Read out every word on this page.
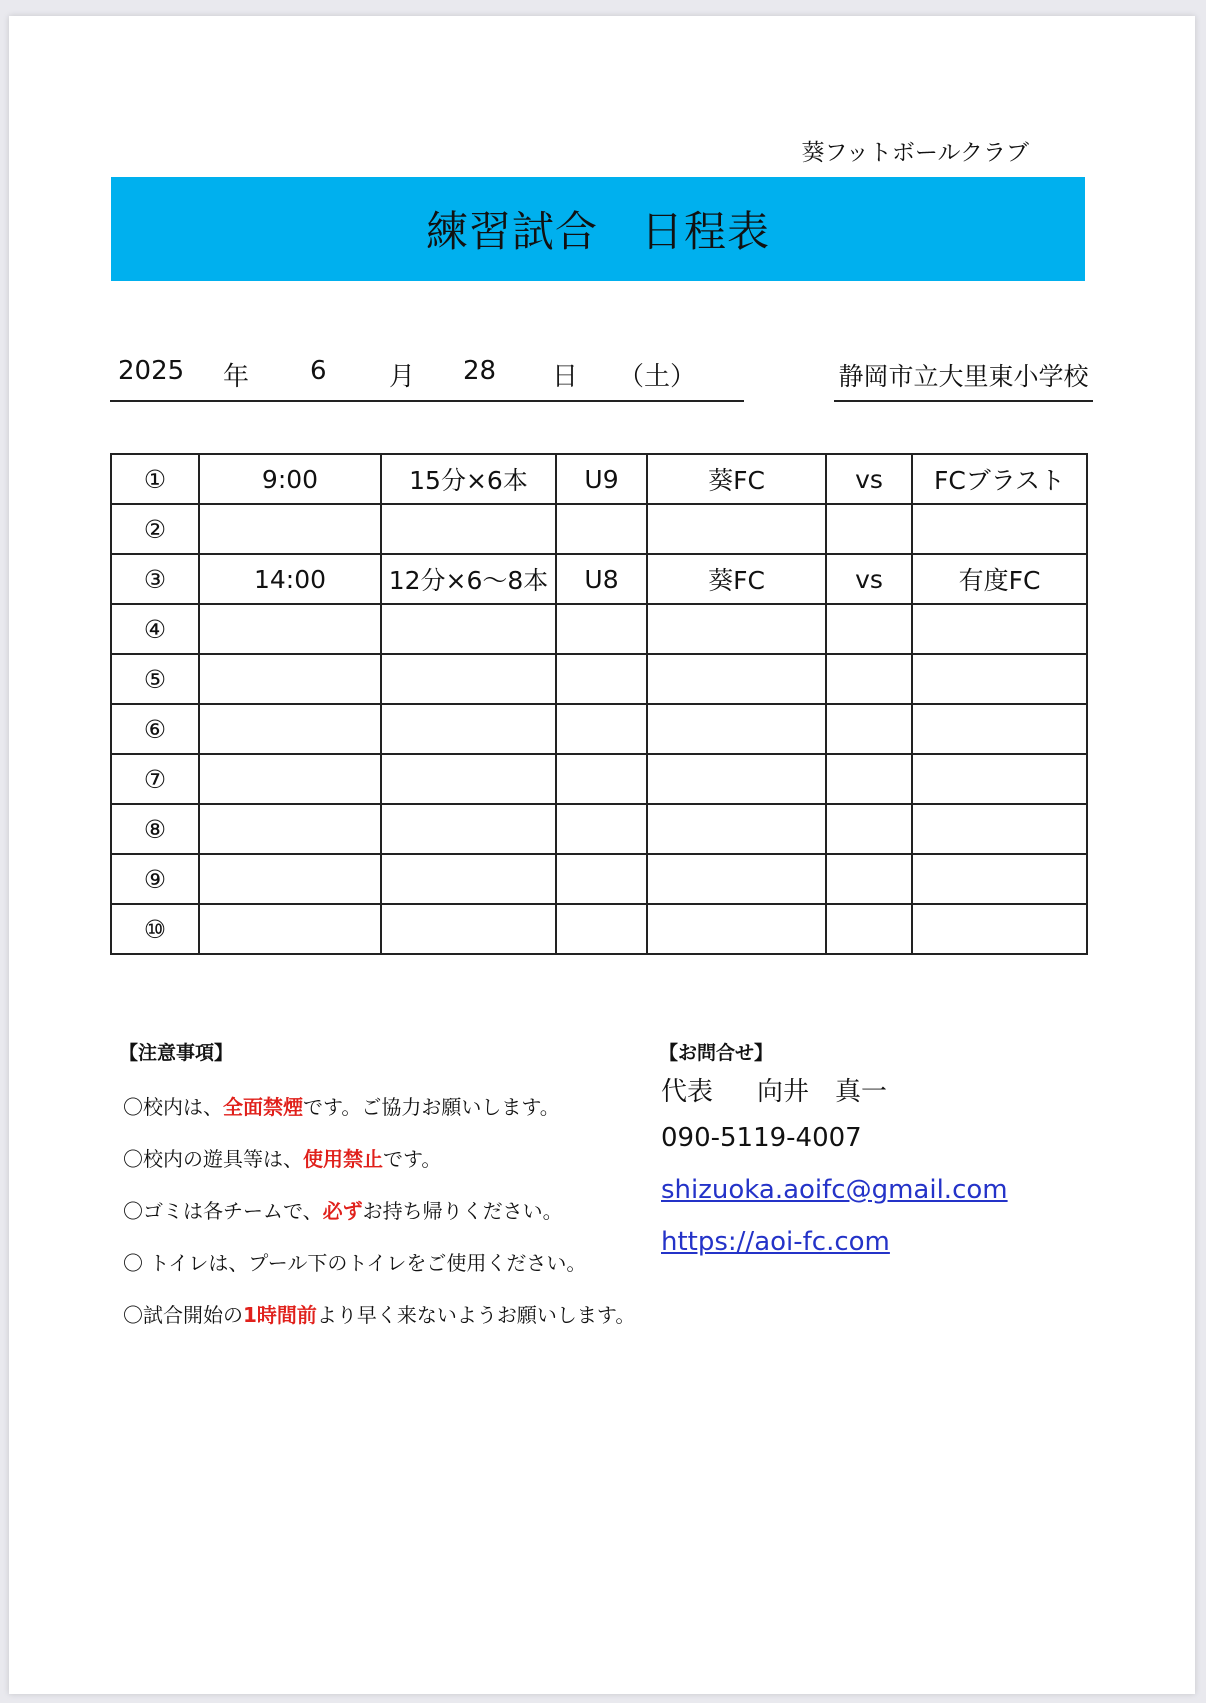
葵フットボールクラブ
練習試合　日程表
2025 年 6 月 28 日 （土）	静岡市立大里東小学校
①	9:00	15分×6本	U9	葵FC	vs	FCブラスト
②						
③	14:00	12分×6～8本	U8	葵FC	vs	有度FC
④						
⑤						
⑥						
⑦						
⑧						
⑨						
⑩						
【注意事項】
〇校内は、全面禁煙です。ご協力お願いします。
〇校内の遊具等は、使用禁止です。
〇ゴミは各チームで、必ずお持ち帰りください。
〇 トイレは、プール下のトイレをご使用ください。
〇試合開始の1時間前より早く来ないようお願いします。
【お問合せ】
代表 向井　真一
090-5119-4007
shizuoka.aoifc@gmail.com
https://aoi-fc.com
